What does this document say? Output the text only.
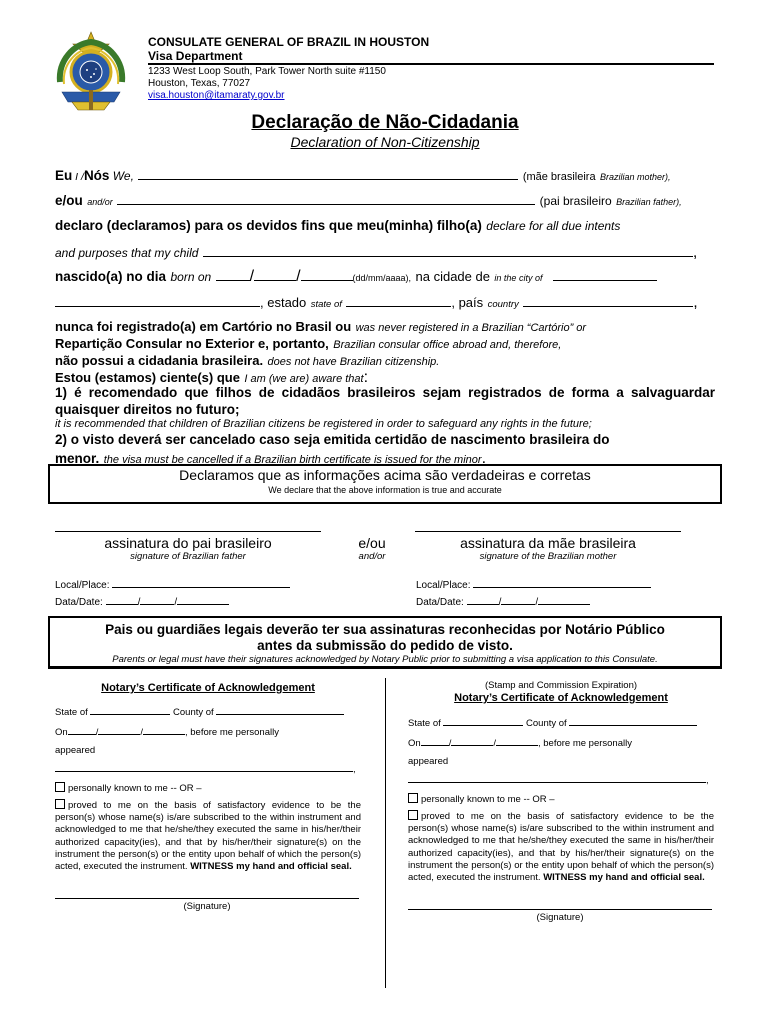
CONSULATE GENERAL OF BRAZIL IN HOUSTON
Visa Department
1233 West Loop South, Park Tower North suite #1150
Houston, Texas, 77027
visa.houston@itamaraty.gov.br
Declaração de Não-Cidadania
Declaration of Non-Citizenship
Eu I /Nós We,	(mãe brasileira Brazilian mother),
e/ou and/or	(pai brasileiro Brazilian father),
declaro (declaramos) para os devidos fins que meu(minha) filho(a) declare for all due intents
and purposes that my child	,
nascido(a) no dia born on /	/	(dd/mm/aaaa), na cidade de in the city of
, estado state of	, país country	,
nunca foi registrado(a) em Cartório no Brasil ou was never registered in a Brazilian “Cartório” or
Repartição Consular no Exterior e, portanto, Brazilian consular office abroad and, therefore,
não possui a cidadania brasileira. does not have Brazilian citizenship.
Estou (estamos) ciente(s) que I am (we are) aware that:
1) é recomendado que filhos de cidadãos brasileiros sejam registrados de forma a salvaguardar quaisquer direitos no futuro;
it is recommended that children of Brazilian citizens be registered in order to safeguard any rights in the future;
2) o visto deverá ser cancelado caso seja emitida certidão de nascimento brasileira do
menor. the visa must be cancelled if a Brazilian birth certificate is issued for the minor.
Declaramos que as informações acima são verdadeiras e corretas
We declare that the above information is true and accurate
assinatura do pai brasileiro
signature of Brazilian father
e/ou
and/or
assinatura da mãe brasileira
signature of the Brazilian mother
Local/Place:
Data/Date:	/	/
Local/Place:
Data/Date:	/	/
Pais ou guardiães legais deverão ter sua assinaturas reconhecidas por Notário Público
antes da submissão do pedido de visto.
Parents or legal must have their signatures acknowledged by Notary Public prior to submitting a visa application to this Consulate.
Notary’s Certificate of Acknowledgement

State of	County of

On	/	/	, before me personally

appeared

,

personally known to me -- OR –

proved to me on the basis of satisfactory evidence to be the person(s) whose name(s) is/are subscribed to the within instrument and acknowledged to me that he/she/they executed the same in his/her/their authorized capacity(ies), and that by his/her/their signature(s) on the instrument the person(s) or the entity upon behalf of which the person(s) acted, executed the instrument. WITNESS my hand and official seal.

(Signature)
(Stamp and Commission Expiration)
Notary’s Certificate of Acknowledgement

State of	County of

On	/	/	, before me personally

appeared

,

personally known to me -- OR –

proved to me on the basis of satisfactory evidence to be the person(s) whose name(s) is/are subscribed to the within instrument and acknowledged to me that he/she/they executed the same in his/her/their authorized capacity(ies), and that by his/her/their signature(s) on the instrument the person(s) or the entity upon behalf of which the person(s) acted, executed the instrument. WITNESS my hand and official seal.

(Signature)
